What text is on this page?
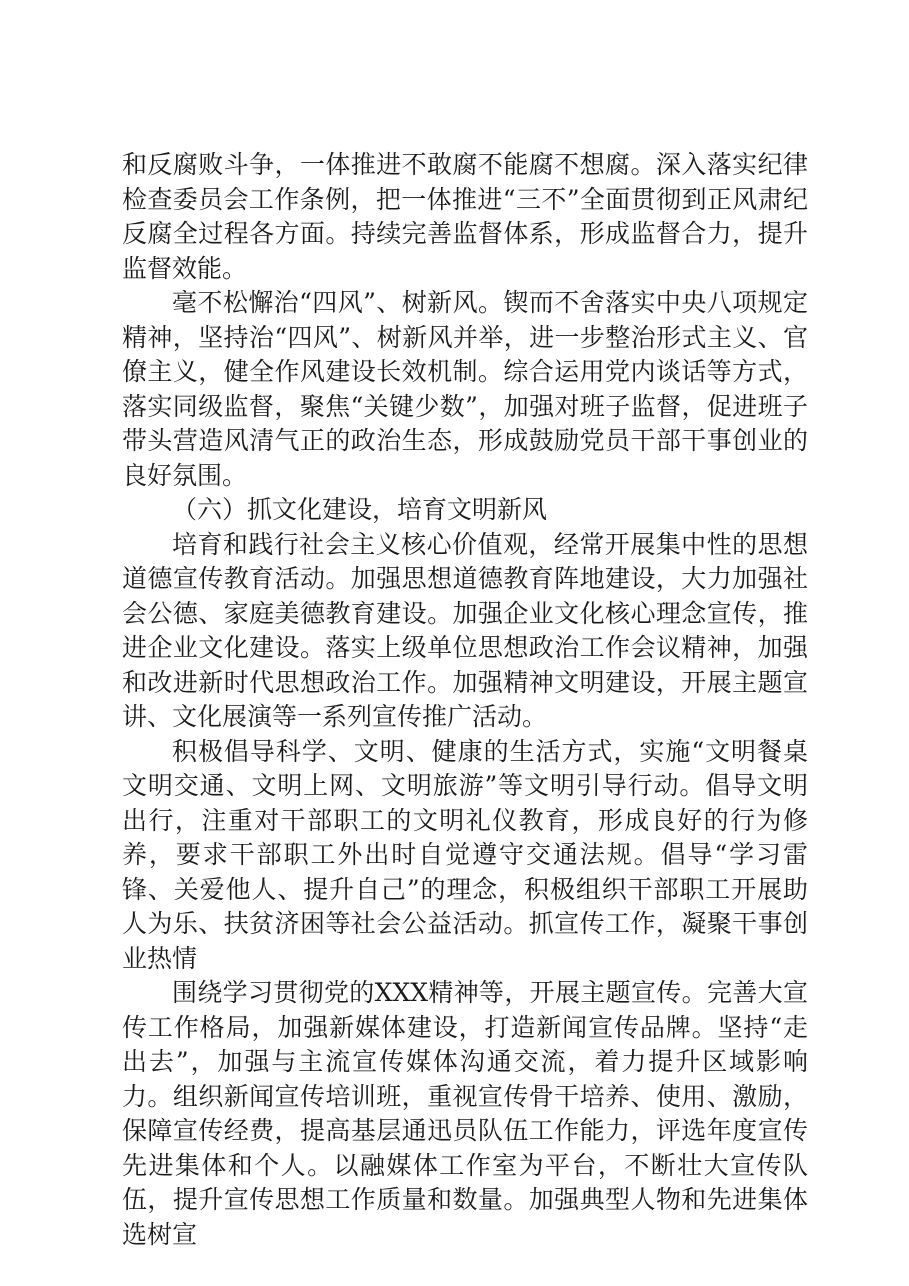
和反腐败斗争，一体推进不敢腐不能腐不想腐。深入落实纪律检查委员会工作条例，把一体推进“三不”全面贯彻到正风肃纪反腐全过程各方面。持续完善监督体系，形成监督合力，提升监督效能。

毫不松懈治“四风”、树新风。锲而不舍落实中央八项规定精神，坚持治“四风”、树新风并举，进一步整治形式主义、官僚主义，健全作风建设长效机制。综合运用党内谈话等方式，落实同级监督，聚焦“关键少数”，加强对班子监督，促进班子带头营造风清气正的政治生态，形成鼓励党员干部干事创业的良好氛围。

（六）抓文化建设，培育文明新风

培育和践行社会主义核心价值观，经常开展集中性的思想道德宣传教育活动。加强思想道德教育阵地建设，大力加强社会公德、家庭美德教育建设。加强企业文化核心理念宣传，推进企业文化建设。落实上级单位思想政治工作会议精神，加强和改进新时代思想政治工作。加强精神文明建设，开展主题宣讲、文化展演等一系列宣传推广活动。

积极倡导科学、文明、健康的生活方式，实施“文明餐桌文明交通、文明上网、文明旅游”等文明引导行动。倡导文明出行，注重对干部职工的文明礼仪教育，形成良好的行为修养，要求干部职工外出时自觉遵守交通法规。倡导“学习雷锋、关爱他人、提升自己”的理念，积极组织干部职工开展助人为乐、扶贫济困等社会公益活动。抓宣传工作，凝聚干事创业热情

围绕学习贯彻党的XXX精神等，开展主题宣传。完善大宣传工作格局，加强新媒体建设，打造新闻宣传品牌。坚持“走出去”，加强与主流宣传媒体沟通交流，着力提升区域影响力。组织新闻宣传培训班，重视宣传骨干培养、使用、激励，保障宣传经费，提高基层通迅员队伍工作能力，评选年度宣传先进集体和个人。以融媒体工作室为平台，不断壮大宣传队伍，提升宣传思想工作质量和数量。加强典型人物和先进集体选树宣
